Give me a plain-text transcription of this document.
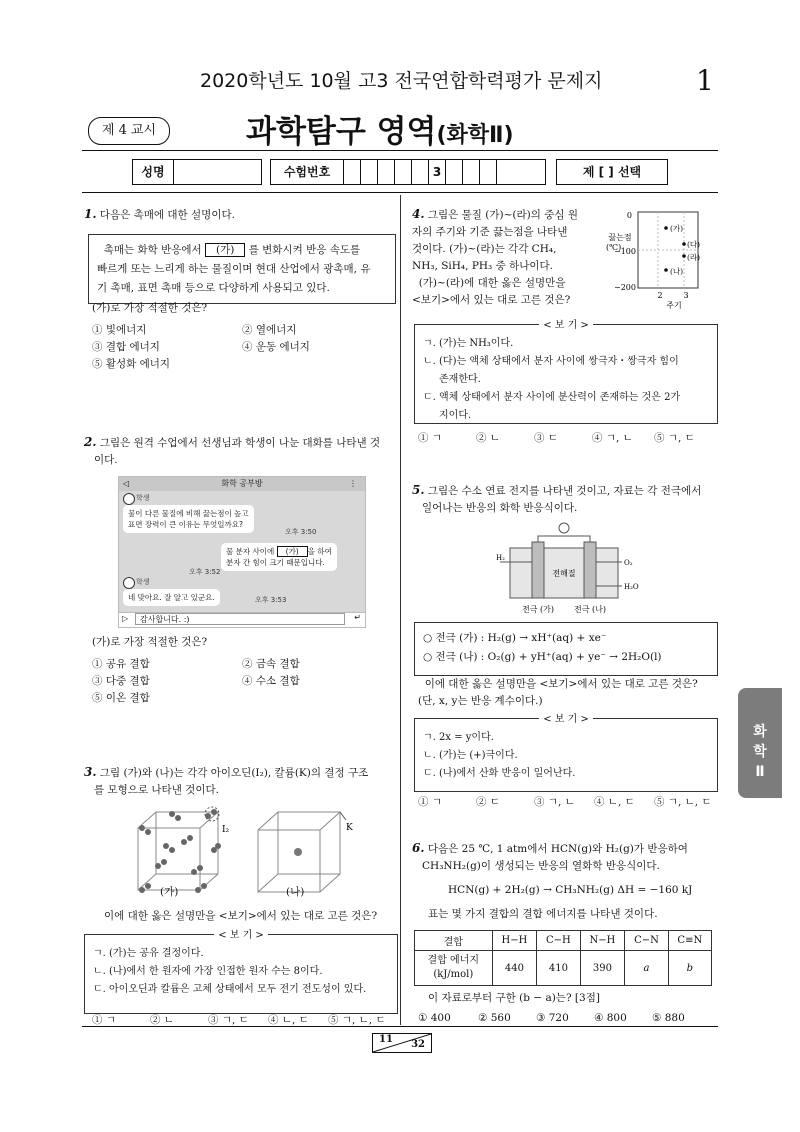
2020학년도 10월 고3 전국연합학력평가 문제지	1
제 4 교시	과학탐구 영역(화학Ⅱ)
성명	수험번호	3	제 [ ] 선택
1. 다음은 촉매에 대한 설명이다.
촉매는 화학 반응에서 (가) 를 변화시켜 반응 속도를
빠르게 또는 느리게 하는 물질이며 현대 산업에서 광촉매, 유
기 촉매, 표면 촉매 등으로 다양하게 사용되고 있다.
(가)로 가장 적절한 것은?
① 빛에너지	② 열에너지
③ 결합 에너지	④ 운동 에너지
⑤ 활성화 에너지
2. 그림은 원격 수업에서 선생님과 학생이 나눈 대화를 나타낸 것
이다.
◁	화학 공부방	⋮
학생
물이 다른 물질에 비해 끓는점이 높고
표면 장력이 큰 이유는 무엇일까요?
오후 3:50
물 분자 사이에 (가) 을 하여
분자 간 힘이 크기 때문입니다.
오후 3:52
학생
네 맞아요. 잘 알고 있군요.	오후 3:53
▷	감사합니다. :)	↵
(가)로 가장 적절한 것은?
① 공유 결합	② 금속 결합
③ 다중 결합	④ 수소 결합
⑤ 이온 결합
3. 그림 (가)와 (나)는 각각 아이오딘(I₂), 칼륨(K)의 결정 구조
를 모형으로 나타낸 것이다.
I₂	K
(가)	(나)
이에 대한 옳은 설명만을 <보기>에서 있는 대로 고른 것은?
< 보 기 >
ㄱ. (가)는 공유 결정이다.
ㄴ. (나)에서 한 원자에 가장 인접한 원자 수는 8이다.
ㄷ. 아이오딘과 칼륨은 고체 상태에서 모두 전기 전도성이 있다.
① ㄱ	② ㄴ	③ ㄱ, ㄷ	④ ㄴ, ㄷ	⑤ ㄱ, ㄴ, ㄷ
4. 그림은 물질 (가)~(라)의 중심 원
자의 주기와 기준 끓는점을 나타낸
것이다. (가)~(라)는 각각 CH₄,
NH₃, SiH₄, PH₃ 중 하나이다.
(가)~(라)에 대한 옳은 설명만을
<보기>에서 있는 대로 고른 것은?
0
−100
−200
끓는점
(℃)
2	3
주기
(가)
(다)
(라)
(나)
< 보 기 >
ㄱ. (가)는 NH₃이다.
ㄴ. (다)는 액체 상태에서 분자 사이에 쌍극자・쌍극자 힘이
존재한다.
ㄷ. 액체 상태에서 분자 사이에 분산력이 존재하는 것은 2가
지이다.
① ㄱ	② ㄴ	③ ㄷ	④ ㄱ, ㄴ	⑤ ㄱ, ㄷ
5. 그림은 수소 연료 전지를 나타낸 것이고, 자료는 각 전극에서
일어나는 반응의 화학 반응식이다.
H₂
O₂
H₂O
전해질
전극 (가)	전극 (나)
○ 전극 (가) : H₂(g) → xH⁺(aq) + xe⁻
○ 전극 (나) : O₂(g) + yH⁺(aq) + ye⁻ → 2H₂O(l)
이에 대한 옳은 설명만을 <보기>에서 있는 대로 고른 것은?
(단, x, y는 반응 계수이다.)
< 보 기 >
ㄱ. 2x = y이다.
ㄴ. (가)는 (+)극이다.
ㄷ. (나)에서 산화 반응이 일어난다.
① ㄱ	② ㄷ	③ ㄱ, ㄴ	④ ㄴ, ㄷ	⑤ ㄱ, ㄴ, ㄷ
6. 다음은 25 ℃, 1 atm에서 HCN(g)와 H₂(g)가 반응하여
CH₃NH₂(g)이 생성되는 반응의 열화학 반응식이다.
HCN(g) + 2H₂(g) → CH₃NH₂(g) ΔH = −160 kJ
표는 몇 가지 결합의 결합 에너지를 나타낸 것이다.
결합	H−H	C−H	N−H	C−N	C≡N
결합 에너지
(kJ/mol)	440	410	390	a	b
이 자료로부터 구한 (b − a)는? [3점]
① 400	② 560	③ 720	④ 800	⑤ 880
화
학
Ⅱ
11 32
